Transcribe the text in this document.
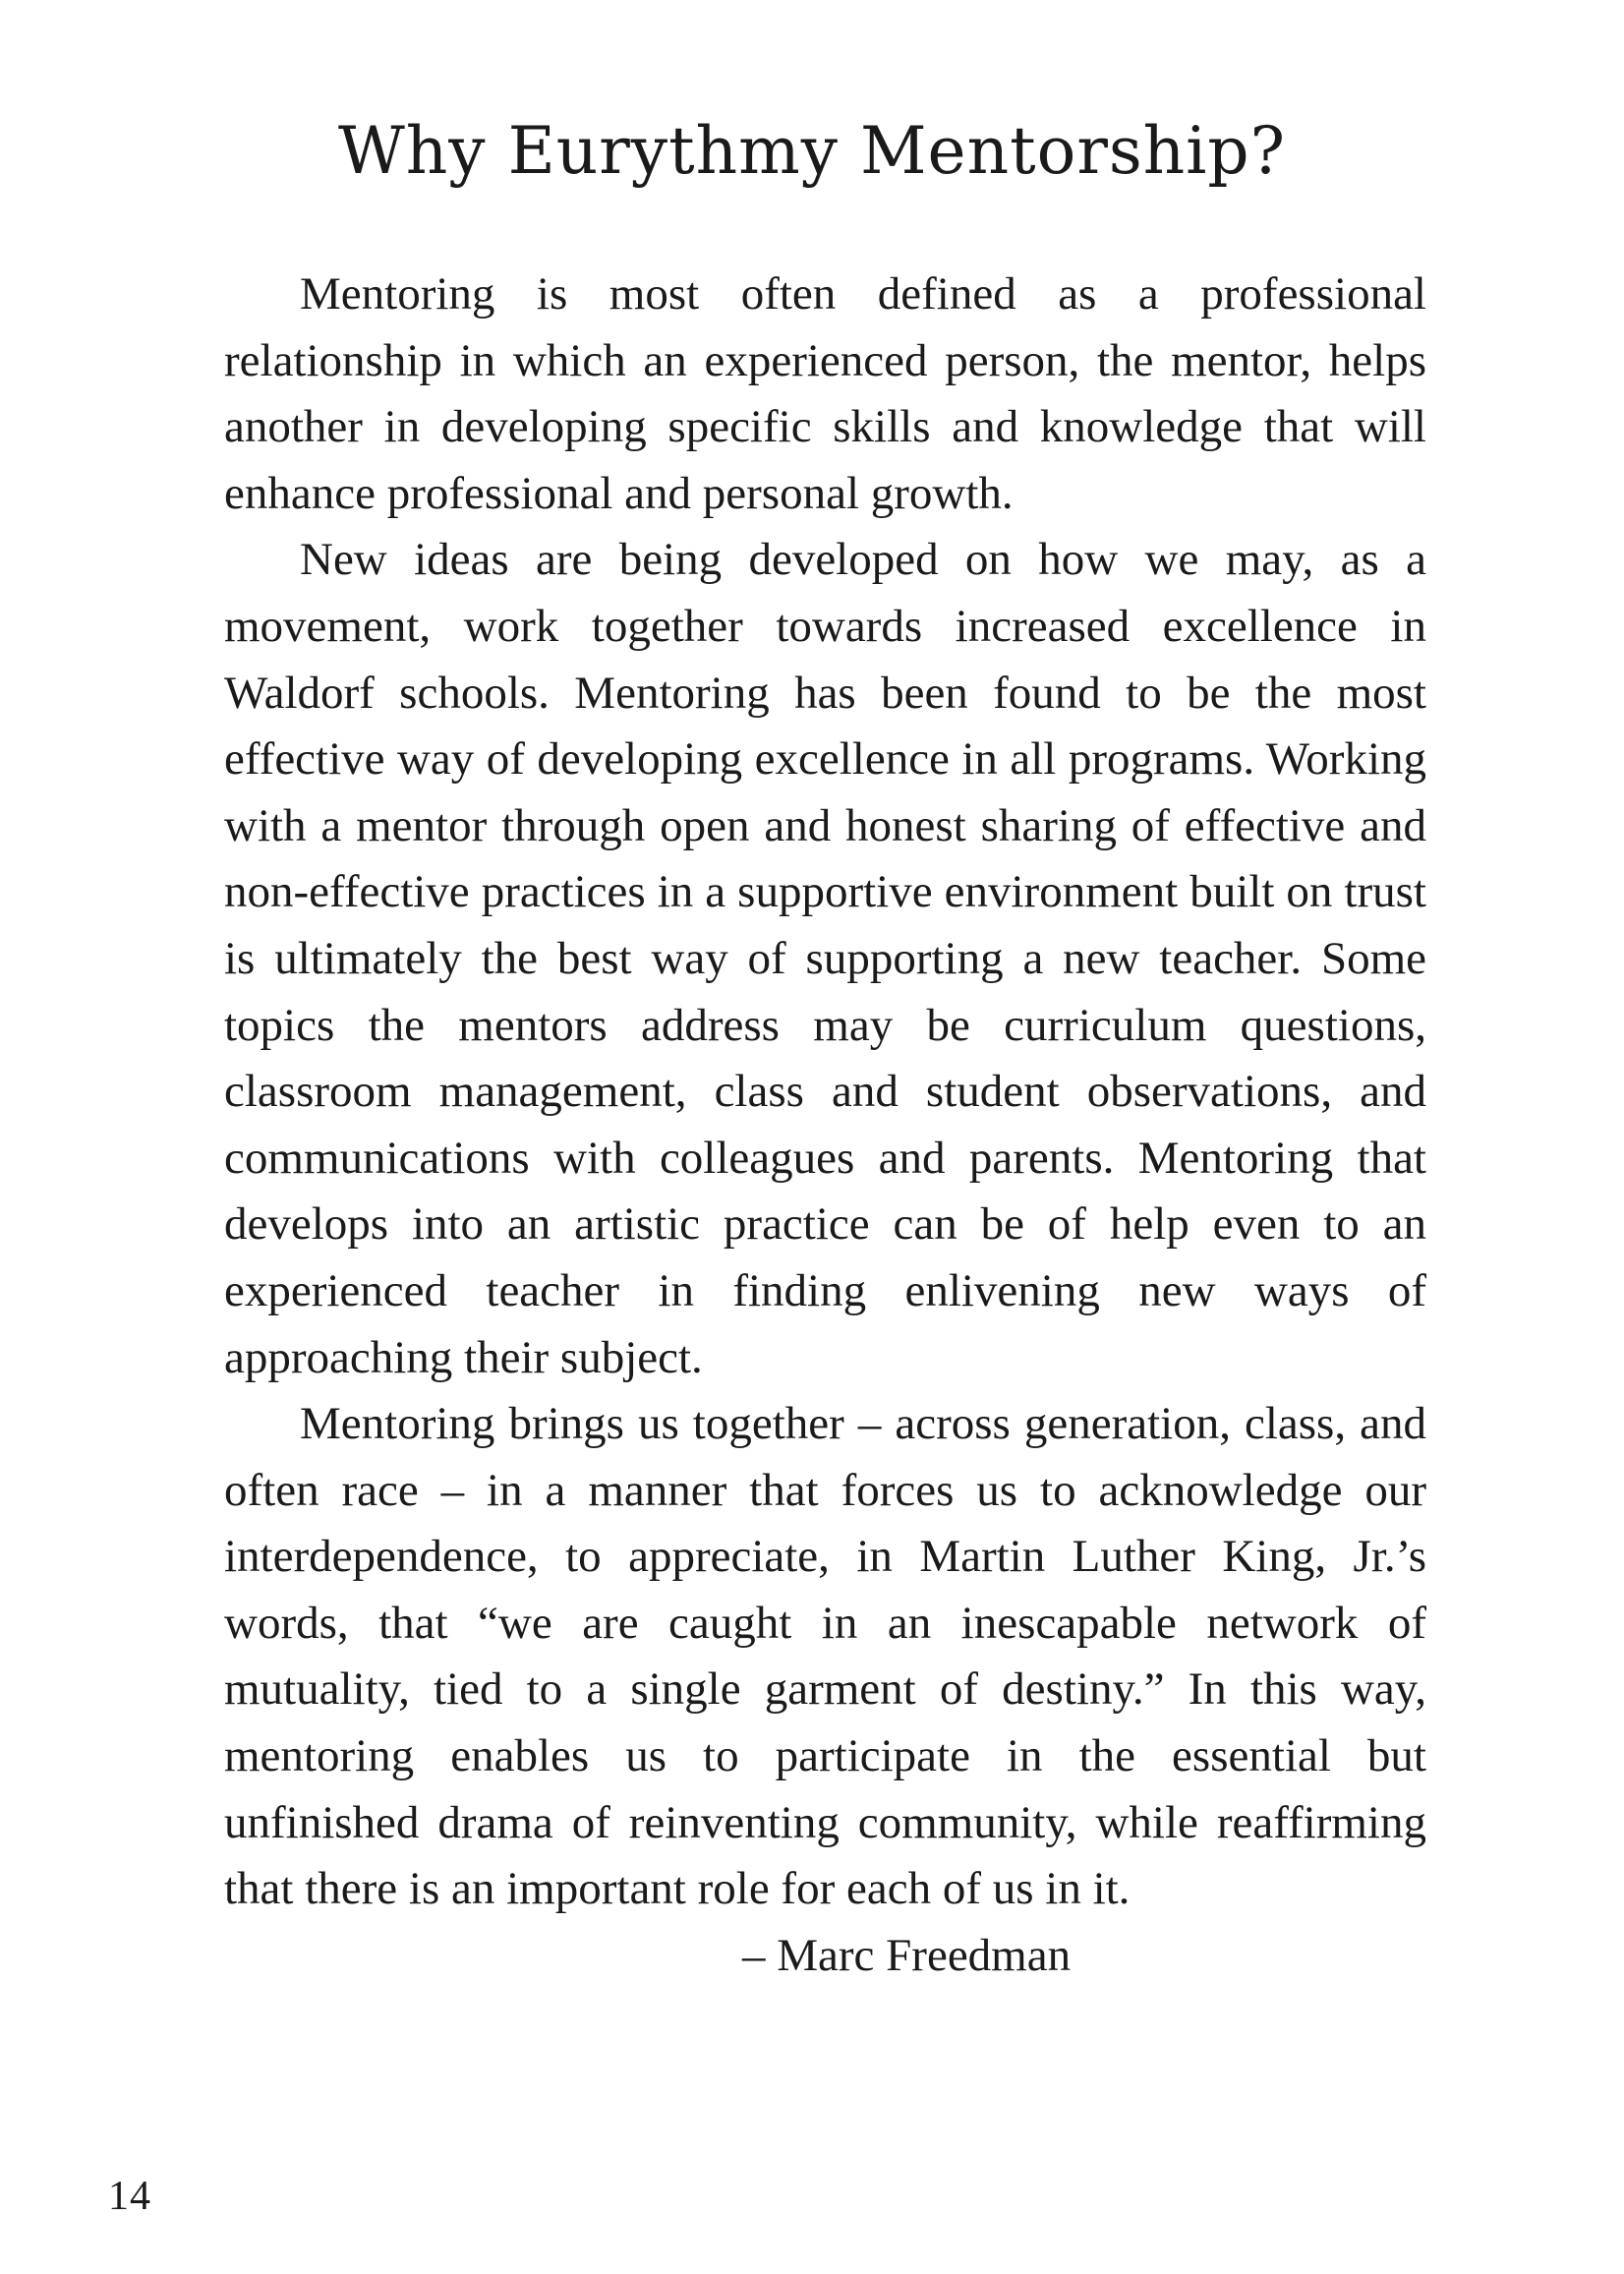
Why Eurythmy Mentorship?

Mentoring is most often defined as a professional relationship in which an experienced person, the mentor, helps another in developing specific skills and knowledge that will enhance professional and personal growth.

New ideas are being developed on how we may, as a movement, work together towards increased excellence in Waldorf schools. Mentoring has been found to be the most effective way of developing excellence in all programs. Working with a mentor through open and honest sharing of effective and non-effective practices in a supportive environment built on trust is ultimately the best way of supporting a new teacher. Some topics the mentors address may be curriculum questions, classroom management, class and student observations, and communications with colleagues and parents. Mentoring that develops into an artistic practice can be of help even to an experienced teacher in finding enlivening new ways of approaching their subject.

Mentoring brings us together – across generation, class, and often race – in a manner that forces us to acknowledge our interdependence, to appreciate, in Martin Luther King, Jr.’s words, that “we are caught in an inescapable network of mutuality, tied to a single garment of destiny.” In this way, mentoring enables us to participate in the essential but unfinished drama of reinventing community, while reaffirming that there is an important role for each of us in it.

– Marc Freedman

14
